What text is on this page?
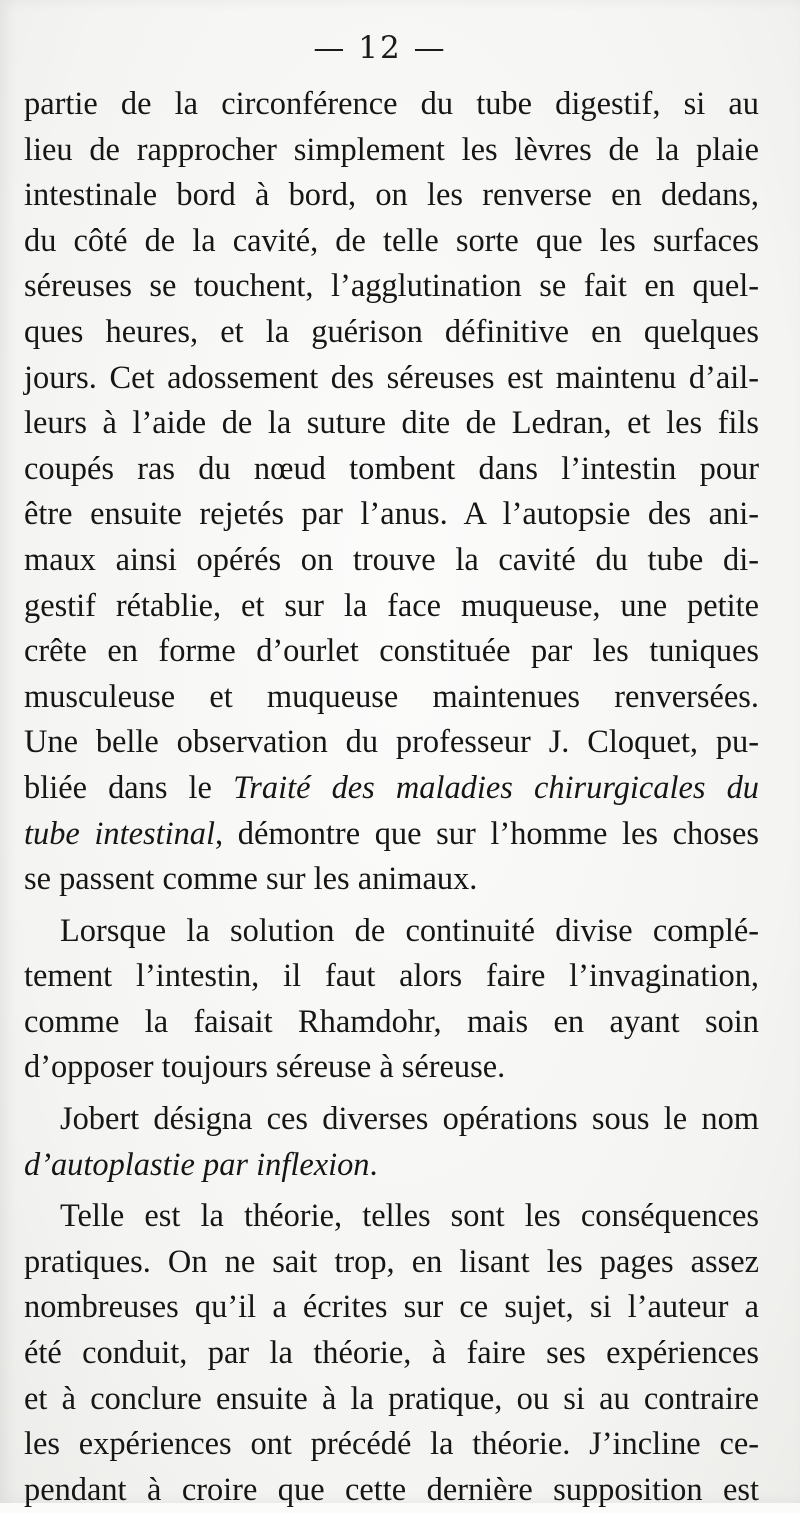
— 12 —

partie de la circonférence du tube digestif, si au
lieu de rapprocher simplement les lèvres de la plaie
intestinale bord à bord, on les renverse en dedans,
du côté de la cavité, de telle sorte que les surfaces
séreuses se touchent, l’agglutination se fait en quel-
ques heures, et la guérison définitive en quelques
jours. Cet adossement des séreuses est maintenu d’ail-
leurs à l’aide de la suture dite de Ledran, et les fils
coupés ras du nœud tombent dans l’intestin pour
être ensuite rejetés par l’anus. A l’autopsie des ani-
maux ainsi opérés on trouve la cavité du tube di-
gestif rétablie, et sur la face muqueuse, une petite
crête en forme d’ourlet constituée par les tuniques
musculeuse et muqueuse maintenues renversées.
Une belle observation du professeur J. Cloquet, pu-
bliée dans le Traité des maladies chirurgicales du
tube intestinal, démontre que sur l’homme les choses
se passent comme sur les animaux.
Lorsque la solution de continuité divise complé-
tement l’intestin, il faut alors faire l’invagination,
comme la faisait Rhamdohr, mais en ayant soin
d’opposer toujours séreuse à séreuse.
Jobert désigna ces diverses opérations sous le nom
d’autoplastie par inflexion.
Telle est la théorie, telles sont les conséquences
pratiques. On ne sait trop, en lisant les pages assez
nombreuses qu’il a écrites sur ce sujet, si l’auteur a
été conduit, par la théorie, à faire ses expériences
et à conclure ensuite à la pratique, ou si au contraire
les expériences ont précédé la théorie. J’incline ce-
pendant à croire que cette dernière supposition est
